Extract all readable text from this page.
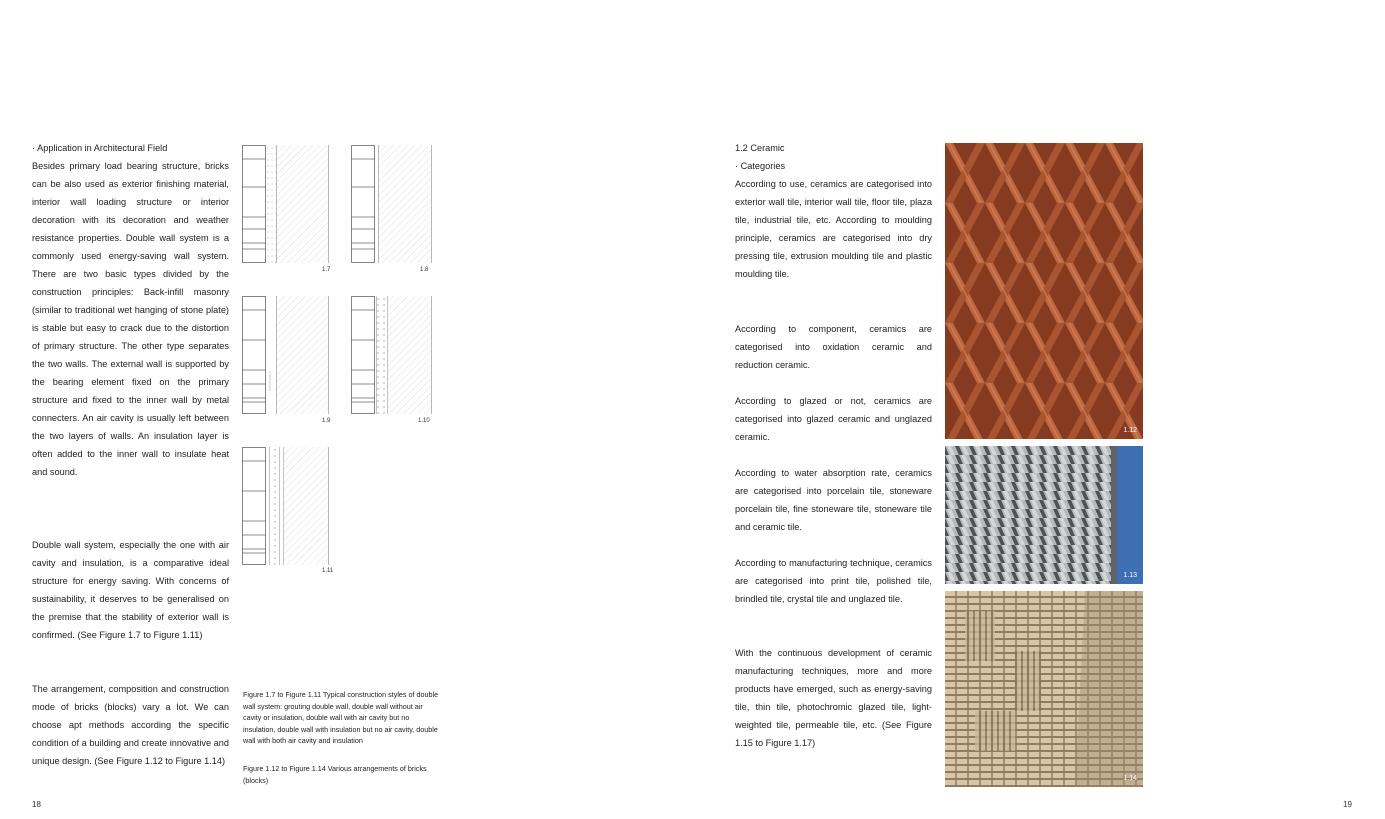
· Application in Architectural Field

Besides primary load bearing structure, bricks can be also used as exterior finishing material, interior wall loading structure or interior decoration with its decoration and weather resistance properties. Double wall system is a commonly used energy-saving wall system. There are two basic types divided by the construction principles: Back-infill masonry (similar to traditional wet hanging of stone plate) is stable but easy to crack due to the distortion of primary structure. The other type separates the two walls. The external wall is supported by the bearing element fixed on the primary structure and fixed to the inner wall by metal connecters. An air cavity is usually left between the two layers of walls. An insulation layer is often added to the inner wall to insulate heat and sound.

Double wall system, especially the one with air cavity and insulation, is a comparative ideal structure for energy saving. With concerns of sustainability, it deserves to be generalised on the premise that the stability of exterior wall is confirmed. (See Figure 1.7 to Figure 1.11)

The arrangement, composition and construction mode of bricks (blocks) vary a lot. We can choose apt methods according the specific condition of a building and create innovative and unique design. (See Figure 1.12 to Figure 1.14)

1.7	1.8
1.9	1.10
1.11

Figure 1.7 to Figure 1.11 Typical construction styles of double wall system: grouting double wall, double wall without air cavity or insulation, double wall with air cavity but no insulation, double wall with insulation but no air cavity, double wall with both air cavity and insulation

Figure 1.12 to Figure 1.14 Various arrangements of bricks (blocks)

18

1.2 Ceramic

· Categories

According to use, ceramics are categorised into exterior wall tile, interior wall tile, floor tile, plaza tile, industrial tile, etc. According to moulding principle, ceramics are categorised into dry pressing tile, extrusion moulding tile and plastic moulding tile.

According to component, ceramics are categorised into oxidation ceramic and reduction ceramic.

According to glazed or not, ceramics are categorised into glazed ceramic and unglazed ceramic.

According to water absorption rate, ceramics are categorised into porcelain tile, stoneware porcelain tile, fine stoneware tile, stoneware tile and ceramic tile.

According to manufacturing technique, ceramics are categorised into print tile, polished tile, brindled tile, crystal tile and unglazed tile.

With the continuous development of ceramic manufacturing techniques, more and more products have emerged, such as energy-saving tile, thin tile, photochromic glazed tile, light-weighted tile, permeable tile, etc. (See Figure 1.15 to Figure 1.17)

1.12
1.13
1.14
19
